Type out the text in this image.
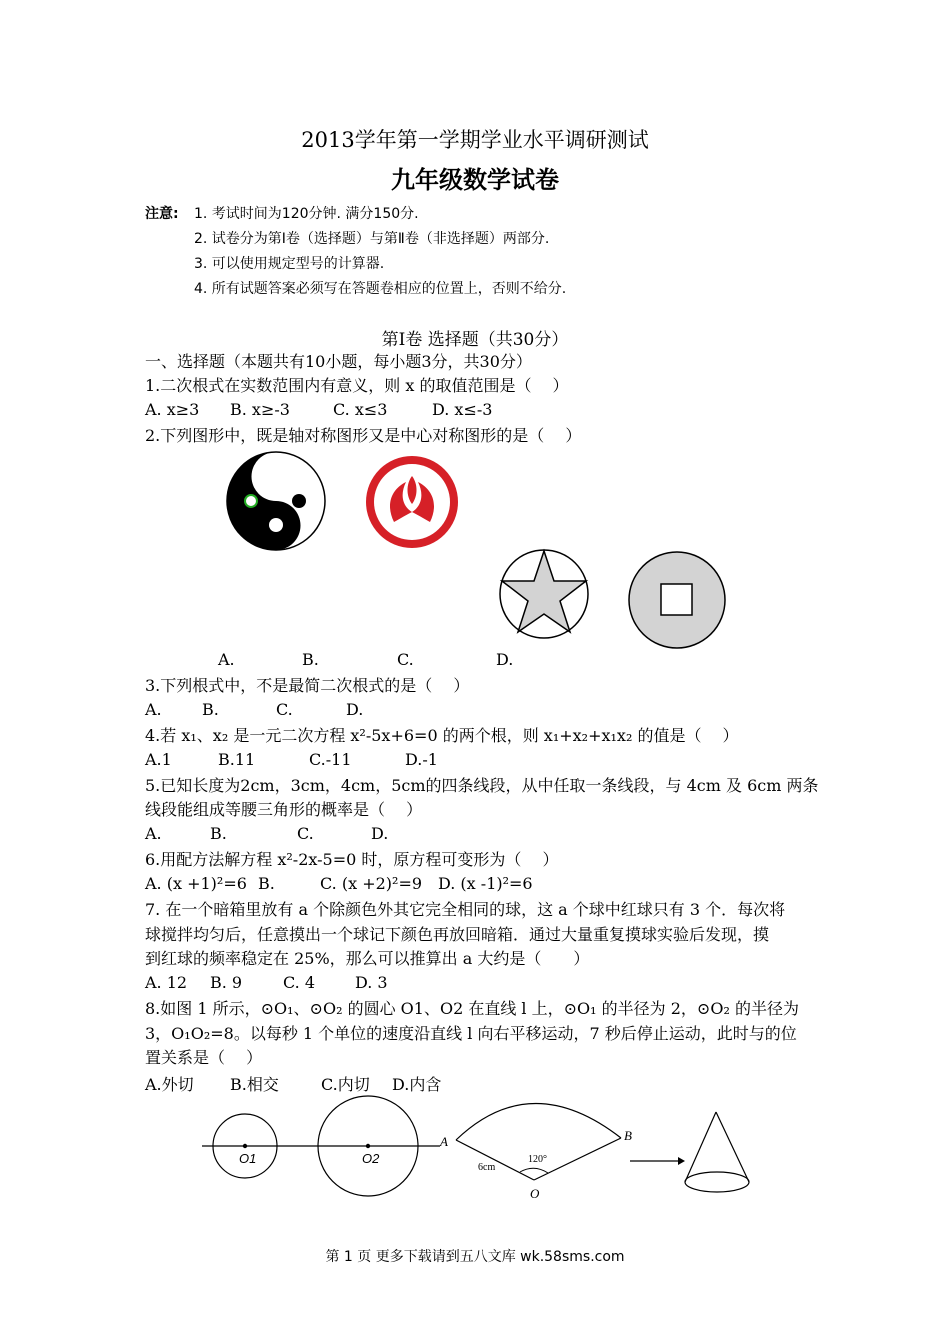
2013学年第一学期学业水平调研测试
九年级数学试卷
注意: 1. 考试时间为120分钟. 满分150分.
2. 试卷分为第Ⅰ卷（选择题）与第Ⅱ卷（非选择题）两部分.
3. 可以使用规定型号的计算器.
4. 所有试题答案必须写在答题卷相应的位置上，否则不给分.
第Ⅰ卷 选择题（共30分）
一、选择题（本题共有10小题，每小题3分，共30分）
1.二次根式在实数范围内有意义，则 x 的取值范围是（　 ）
A. x≥3 B. x≥-3	C. x≤3	D. x≤-3
2.下列图形中，既是轴对称图形又是中心对称图形的是（　 ）
A.	B.	C.	D.
3.下列根式中，不是最简二次根式的是（　 ）
A.	B.	C.	D.
4.若 x₁、x₂ 是一元二次方程 x²-5x+6=0 的两个根，则 x₁+x₂+x₁x₂ 的值是（　 ）
A.1	B.11	C.-11	D.-1
5.已知长度为2cm，3cm，4cm，5cm的四条线段，从中任取一条线段，与 4cm 及 6cm 两条
线段能组成等腰三角形的概率是（　 ）
A.	B.	C.	D.
6.用配方法解方程 x²-2x-5=0 时，原方程可变形为（　 ）
A. (x +1)²=6 B.	C. (x +2)²=9 D. (x -1)²=6
7. 在一个暗箱里放有 a 个除颜色外其它完全相同的球，这 a 个球中红球只有 3 个．每次将
球搅拌均匀后，任意摸出一个球记下颜色再放回暗箱．通过大量重复摸球实验后发现，摸
到红球的频率稳定在 25%，那么可以推算出 a 大约是（　　）
A. 12 B. 9	C. 4 D. 3
8.如图 1 所示，⊙O₁、⊙O₂ 的圆心 O1、O2 在直线 l 上，⊙O₁ 的半径为 2，⊙O₂ 的半径为
3，O₁O₂=8。以每秒 1 个单位的速度沿直线 l 向右平移运动，7 秒后停止运动，此时与的位
置关系是（　 ）
A.外切 B.相交	C.内切 D.内含
O1	O2
A	B
O
6cm
120°
第 1 页 更多下载请到五八文库 wk.58sms.com
